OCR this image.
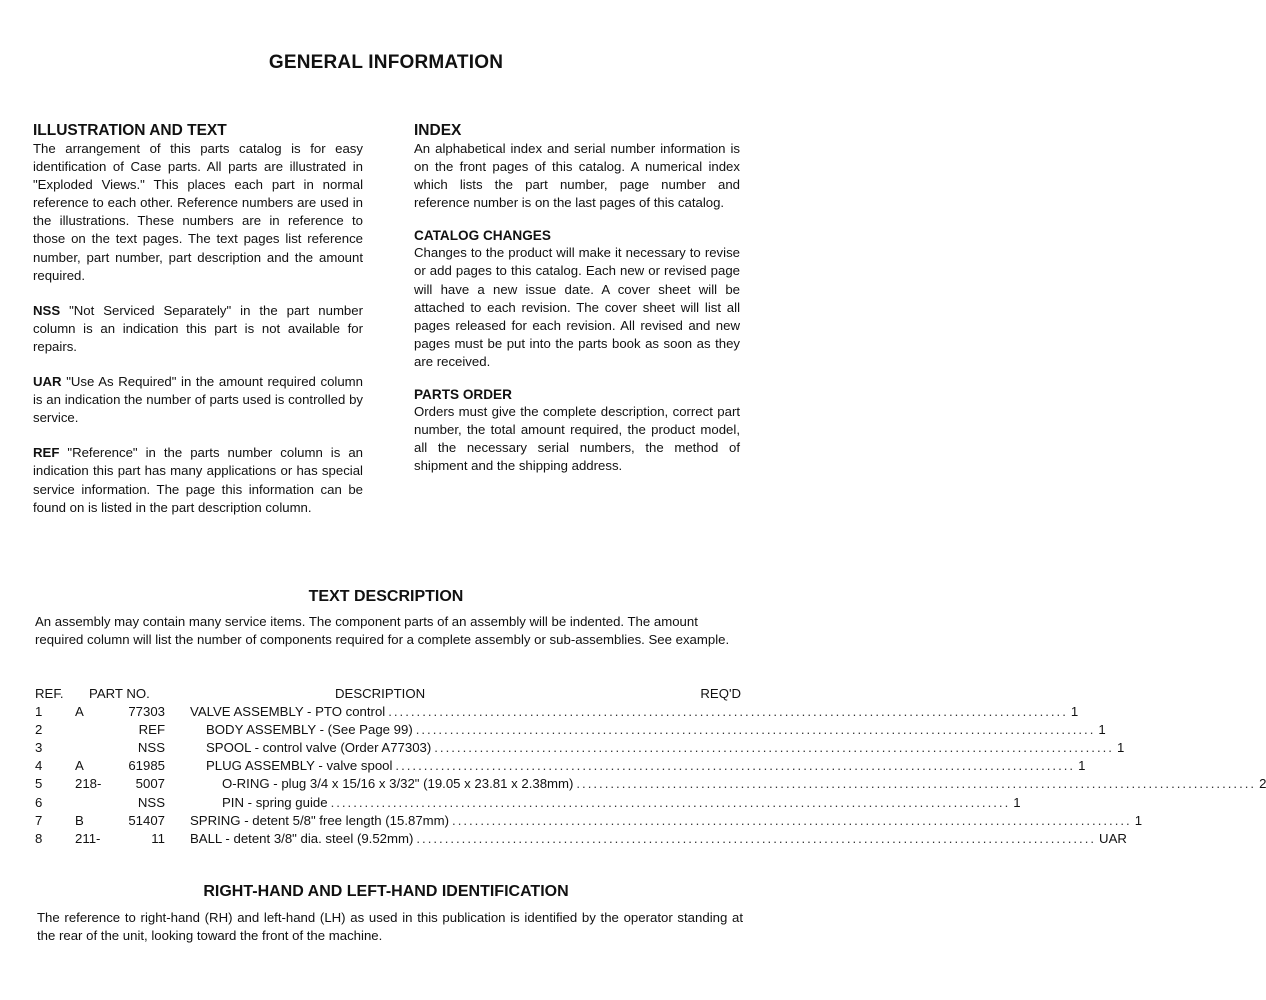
GENERAL INFORMATION

ILLUSTRATION AND TEXT

The arrangement of this parts catalog is for easy identification of Case parts. All parts are illustrated in "Exploded Views." This places each part in normal reference to each other. Reference numbers are used in the illustrations. These numbers are in reference to those on the text pages. The text pages list reference number, part number, part description and the amount required.

NSS "Not Serviced Separately" in the part number column is an indication this part is not available for repairs.

UAR "Use As Required" in the amount required column is an indication the number of parts used is controlled by service.

REF "Reference" in the parts number column is an indication this part has many applications or has special service information. The page this information can be found on is listed in the part description column.

INDEX

An alphabetical index and serial number information is on the front pages of this catalog. A numerical index which lists the part number, page number and reference number is on the last pages of this catalog.

CATALOG CHANGES

Changes to the product will make it necessary to revise or add pages to this catalog. Each new or revised page will have a new issue date. A cover sheet will be attached to each revision. The cover sheet will list all pages released for each revision. All revised and new pages must be put into the parts book as soon as they are received.

PARTS ORDER

Orders must give the complete description, correct part number, the total amount required, the product model, all the necessary serial numbers, the method of shipment and the shipping address.

TEXT DESCRIPTION

An assembly may contain many service items. The component parts of an assembly will be indented. The amount required column will list the number of components required for a complete assembly or sub-assemblies. See example.

REF. PART NO.	DESCRIPTION	REQ'D
1 A	77303 VALVE ASSEMBLY - PTO control ........................................................................................................................ 1
2	REF	BODY ASSEMBLY - (See Page 99) ........................................................................................................................ 1
3	NSS	SPOOL - control valve (Order A77303) ........................................................................................................................ 1
4 A	61985	PLUG ASSEMBLY - valve spool ........................................................................................................................ 1
5 218-	5007	O-RING - plug 3/4 x 15/16 x 3/32" (19.05 x 23.81 x 2.38mm) ........................................................................................................................ 2
6	NSS	PIN - spring guide ........................................................................................................................ 1
7 B	51407 SPRING - detent 5/8" free length (15.87mm) ........................................................................................................................ 1
8 211-	11 BALL - detent 3/8" dia. steel (9.52mm) ........................................................................................................................ UAR
RIGHT-HAND AND LEFT-HAND IDENTIFICATION

The reference to right-hand (RH) and left-hand (LH) as used in this publication is identified by the operator standing at the rear of the unit, looking toward the front of the machine.
